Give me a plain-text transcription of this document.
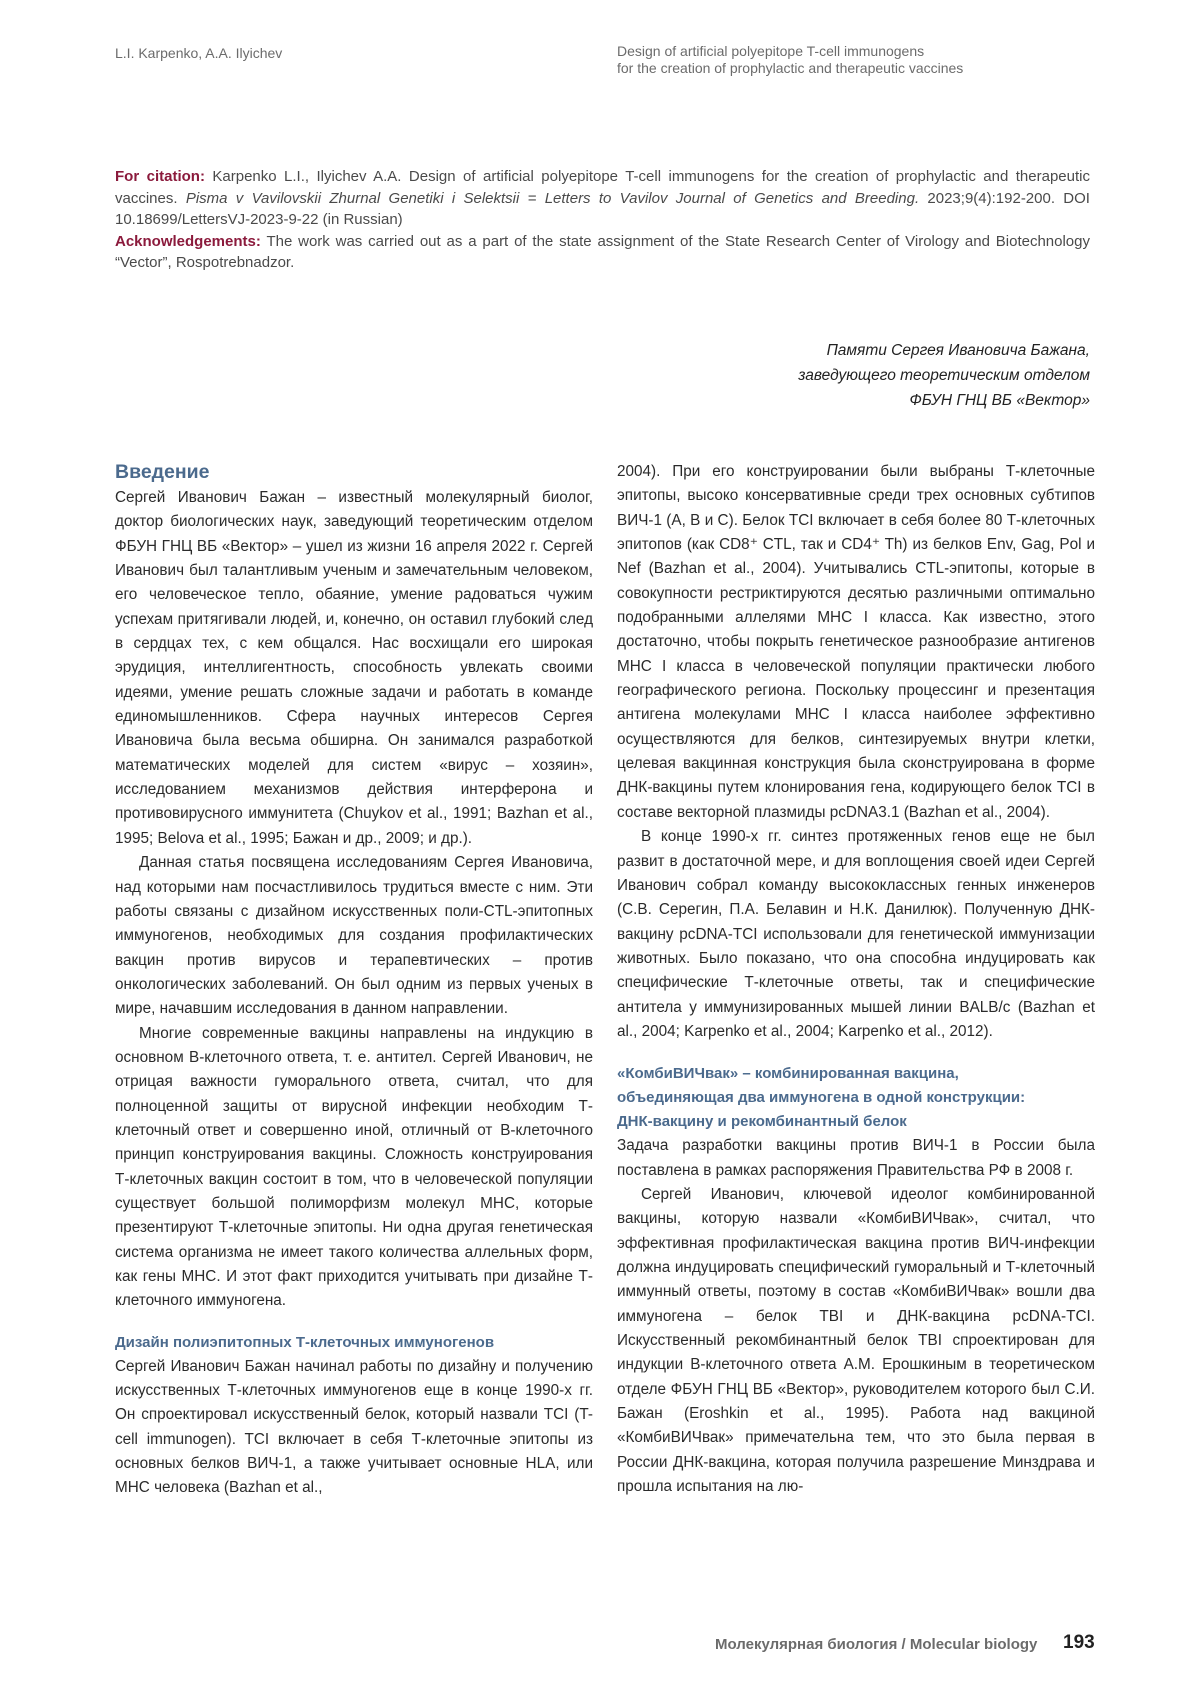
L.I. Karpenko, A.A. Ilyichev	Design of artificial polyepitope T-cell immunogens
for the creation of prophylactic and therapeutic vaccines

For citation: Karpenko L.I., Ilyichev A.A. Design of artificial polyepitope T-cell immunogens for the creation of prophylactic and therapeutic vaccines. Pisma v Vavilovskii Zhurnal Genetiki i Selektsii = Letters to Vavilov Journal of Genetics and Breeding. 2023;9(4):192-200. DOI 10.18699/LettersVJ-2023-9-22 (in Russian)

Acknowledgements: The work was carried out as a part of the state assignment of the State Research Center of Virology and Biotechnology “Vector”, Rospotrebnadzor.

Памяти Сергея Ивановича Бажана,
заведующего теоретическим отделом
ФБУН ГНЦ ВБ «Вектор»
Введение

Сергей Иванович Бажан – известный молекулярный биолог, доктор биологических наук, заведующий теоретическим отделом ФБУН ГНЦ ВБ «Вектор» – ушел из жизни 16 апреля 2022 г. Сергей Иванович был талантливым ученым и замечательным человеком, его человеческое тепло, обаяние, умение радоваться чужим успехам притягивали людей, и, конечно, он оставил глубокий след в сердцах тех, с кем общался. Нас восхищали его широкая эрудиция, интеллигентность, способность увлекать своими идеями, умение решать сложные задачи и работать в команде единомышленников. Сфера научных интересов Сергея Ивановича была весьма обширна. Он занимался разработкой математических моделей для систем «вирус – хозяин», исследованием механизмов действия интерферона и противовирусного иммунитета (Chuykov et al., 1991; Bazhan et al., 1995; Belova et al., 1995; Бажан и др., 2009; и др.).

Данная статья посвящена исследованиям Сергея Ивановича, над которыми нам посчастливилось трудиться вместе с ним. Эти работы связаны с дизайном искусственных поли-CTL-эпитопных иммуногенов, необходимых для создания профилактических вакцин против вирусов и терапевтических – против онкологических заболеваний. Он был одним из первых ученых в мире, начавшим исследования в данном направлении.

Многие современные вакцины направлены на индукцию в основном В-клеточного ответа, т. е. антител. Сергей Иванович, не отрицая важности гуморального ответа, считал, что для полноценной защиты от вирусной инфекции необходим Т-клеточный ответ и совершенно иной, отличный от В-клеточного принцип конструирования вакцины. Сложность конструирования Т-клеточных вакцин состоит в том, что в человеческой популяции существует большой полиморфизм молекул МНС, которые презентируют Т-клеточные эпитопы. Ни одна другая генетическая система организма не имеет такого количества аллельных форм, как гены МНС. И этот факт приходится учитывать при дизайне Т-клеточного иммуногена.

Дизайн полиэпитопных Т-клеточных иммуногенов

Сергей Иванович Бажан начинал работы по дизайну и получению искусственных Т-клеточных иммуногенов еще в конце 1990-х гг. Он спроектировал искусственный белок, который назвали TCI (T-cell immunogen). TCI включает в себя Т-клеточные эпитопы из основных белков ВИЧ-1, а также учитывает основные HLA, или МНС человека (Bazhan et al.,

2004). При его конструировании были выбраны Т-клеточные эпитопы, высоко консервативные среди трех основных субтипов ВИЧ-1 (A, B и C). Белок TCI включает в себя более 80 Т-клеточных эпитопов (как CD8⁺ CTL, так и CD4⁺ Th) из белков Env, Gag, Pol и Nef (Bazhan et al., 2004). Учитывались CTL-эпитопы, которые в совокупности рестриктируются десятью различными оптимально подобранными аллелями МНС I класса. Как известно, этого достаточно, чтобы покрыть генетическое разнообразие антигенов МНС I класса в человеческой популяции практически любого географического региона. Поскольку процессинг и презентация антигена молекулами МНС I класса наиболее эффективно осуществляются для белков, синтезируемых внутри клетки, целевая вакцинная конструкция была сконструирована в форме ДНК-вакцины путем клонирования гена, кодирующего белок TCI в составе векторной плазмиды pcDNA3.1 (Bazhan et al., 2004).

В конце 1990-х гг. синтез протяженных генов еще не был развит в достаточной мере, и для воплощения своей идеи Сергей Иванович собрал команду высококлассных генных инженеров (С.В. Серегин, П.А. Белавин и Н.К. Данилюк). Полученную ДНК-вакцину pcDNA-TCI использовали для генетической иммунизации животных. Было показано, что она способна индуцировать как специфические Т-клеточные ответы, так и специфические антитела у иммунизированных мышей линии BALB/c (Bazhan et al., 2004; Karpenko et al., 2004; Karpenko et al., 2012).

«КомбиВИЧвак» – комбинированная вакцина,
объединяющая два иммуногена в одной конструкции:
ДНК-вакцину и рекомбинантный белок

Задача разработки вакцины против ВИЧ-1 в России была поставлена в рамках распоряжения Правительства РФ в 2008 г.

Сергей Иванович, ключевой идеолог комбинированной вакцины, которую назвали «КомбиВИЧвак», считал, что эффективная профилактическая вакцина против ВИЧ-инфекции должна индуцировать специфический гуморальный и Т-клеточный иммунный ответы, поэтому в состав «КомбиВИЧвак» вошли два иммуногена – белок TBI и ДНК-вакцина pcDNA-TCI. Искусственный рекомбинантный белок TBI спроектирован для индукции В-клеточного ответа А.М. Ерошкиным в теоретическом отделе ФБУН ГНЦ ВБ «Вектор», руководителем которого был С.И. Бажан (Eroshkin et al., 1995). Работа над вакциной «КомбиВИЧвак» примечательна тем, что это была первая в России ДНК-вакцина, которая получила разрешение Минздрава и прошла испытания на лю-

Молекулярная биология / Molecular biology 193
